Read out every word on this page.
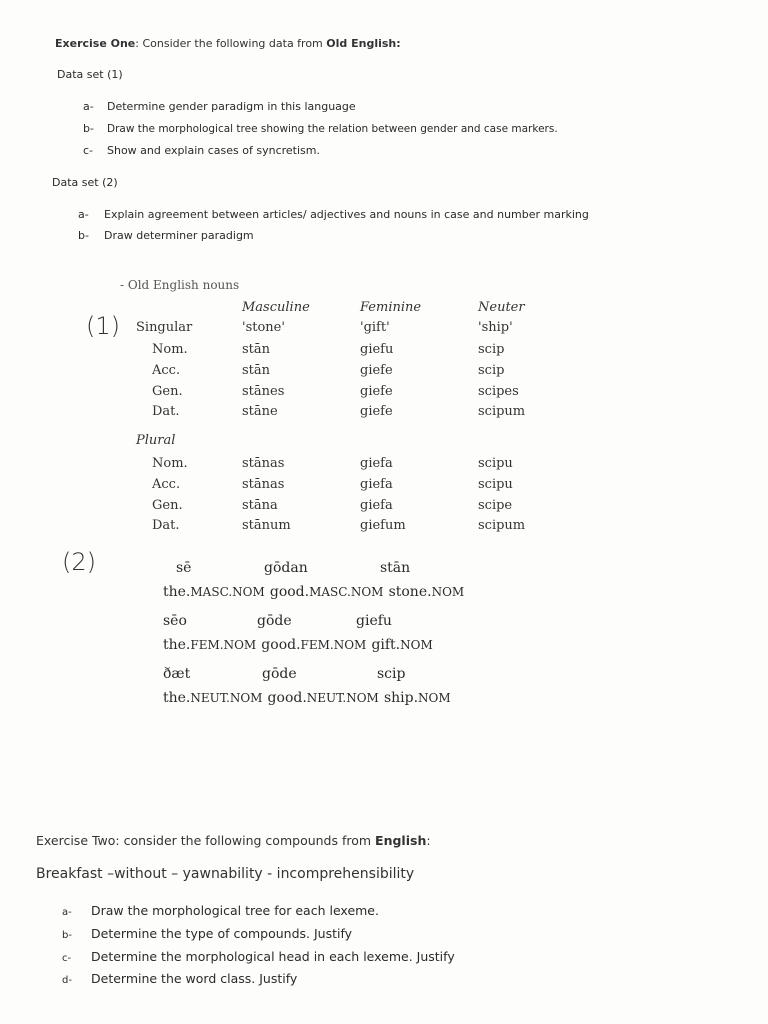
Exercise One: Consider the following data from Old English:
Data set (1)
a- Determine gender paradigm in this language
b- Draw the morphological tree showing the relation between gender and case markers.
c- Show and explain cases of syncretism.
Data set (2)
a- Explain agreement between articles/ adjectives and nouns in case and number marking
b- Draw determiner paradigm
- Old English nouns
(1)
Masculine	Feminine	Neuter
Singular	'stone'	'gift'	'ship'
Nom.	stān	giefu	scip
Acc.	stān	giefe	scip
Gen.	stānes	giefe	scipes
Dat.	stāne	giefe	scipum
Plural
Nom.	stānas	giefa	scipu
Acc.	stānas	giefa	scipu
Gen.	stāna	giefa	scipe
Dat.	stānum	giefum	scipum
(2)	sē	gōdan	stān
the.MASC.NOM good.MASC.NOM stone.NOM
sēo	gōde	giefu
the.FEM.NOM good.FEM.NOM gift.NOM
ðæt	gōde	scip
the.NEUT.NOM good.NEUT.NOM ship.NOM
Exercise Two: consider the following compounds from English:
Breakfast –without – yawnability - incomprehensibility
a- Draw the morphological tree for each lexeme.
b- Determine the type of compounds. Justify
c- Determine the morphological head in each lexeme. Justify
d- Determine the word class. Justify
